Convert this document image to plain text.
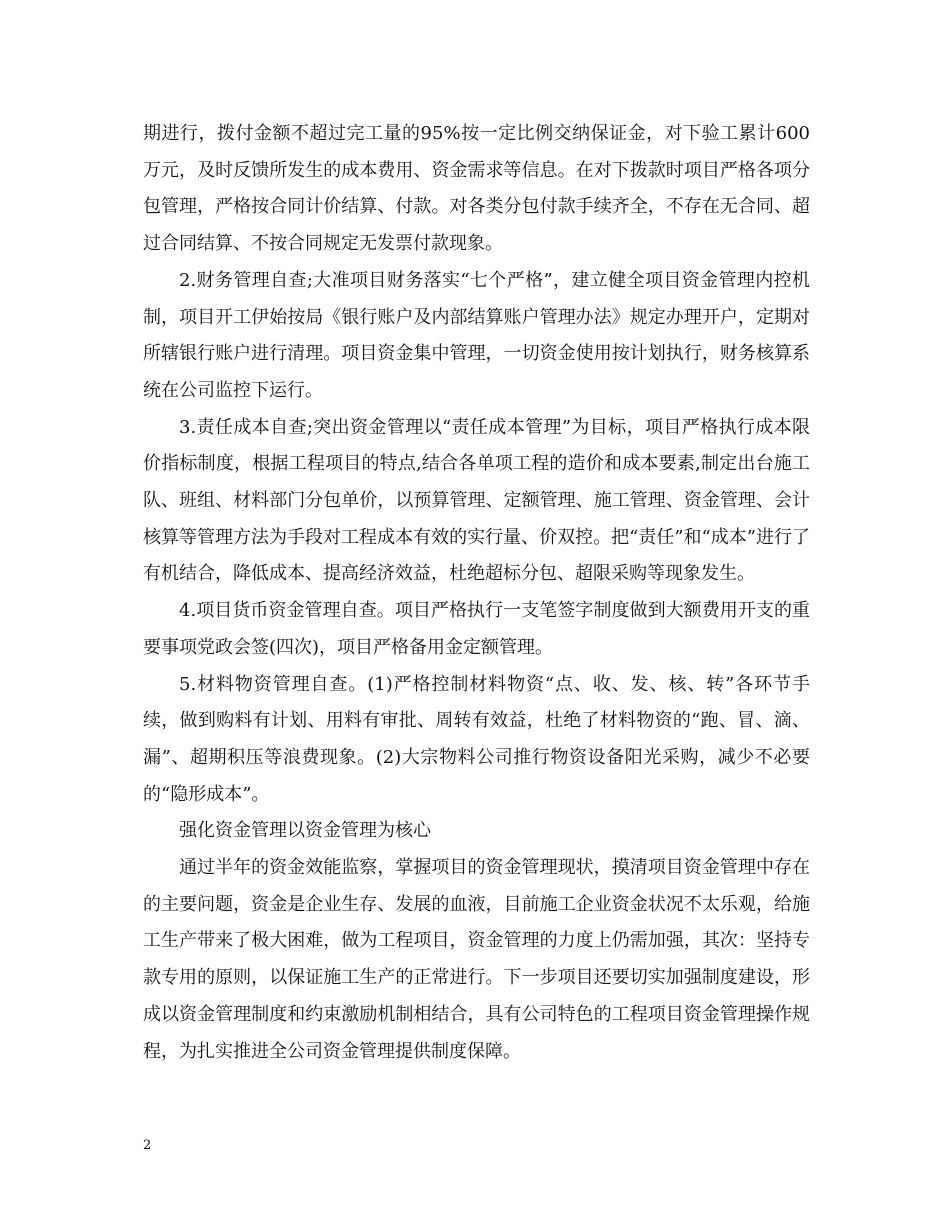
期进行，拨付金额不超过完工量的95%按一定比例交纳保证金，对下验工累计600万元，及时反馈所发生的成本费用、资金需求等信息。在对下拨款时项目严格各项分包管理，严格按合同计价结算、付款。对各类分包付款手续齐全，不存在无合同、超过合同结算、不按合同规定无发票付款现象。

2.财务管理自查;大准项目财务落实“七个严格”，建立健全项目资金管理内控机制，项目开工伊始按局《银行账户及内部结算账户管理办法》规定办理开户，定期对所辖银行账户进行清理。项目资金集中管理，一切资金使用按计划执行，财务核算系统在公司监控下运行。

3.责任成本自查;突出资金管理以“责任成本管理”为目标，项目严格执行成本限价指标制度，根据工程项目的特点,结合各单项工程的造价和成本要素,制定出台施工队、班组、材料部门分包单价，以预算管理、定额管理、施工管理、资金管理、会计核算等管理方法为手段对工程成本有效的实行量、价双控。把“责任”和“成本”进行了有机结合，降低成本、提高经济效益，杜绝超标分包、超限采购等现象发生。

4.项目货币资金管理自查。项目严格执行一支笔签字制度做到大额费用开支的重要事项党政会签(四次)，项目严格备用金定额管理。

5.材料物资管理自查。(1)严格控制材料物资“点、收、发、核、转”各环节手续，做到购料有计划、用料有审批、周转有效益，杜绝了材料物资的“跑、冒、滴、漏”、超期积压等浪费现象。(2)大宗物料公司推行物资设备阳光采购，减少不必要的“隐形成本”。

强化资金管理以资金管理为核心

通过半年的资金效能监察，掌握项目的资金管理现状，摸清项目资金管理中存在的主要问题，资金是企业生存、发展的血液，目前施工企业资金状况不太乐观，给施工生产带来了极大困难，做为工程项目，资金管理的力度上仍需加强，其次：坚持专款专用的原则，以保证施工生产的正常进行。下一步项目还要切实加强制度建设，形成以资金管理制度和约束激励机制相结合，具有公司特色的工程项目资金管理操作规程，为扎实推进全公司资金管理提供制度保障。

2
